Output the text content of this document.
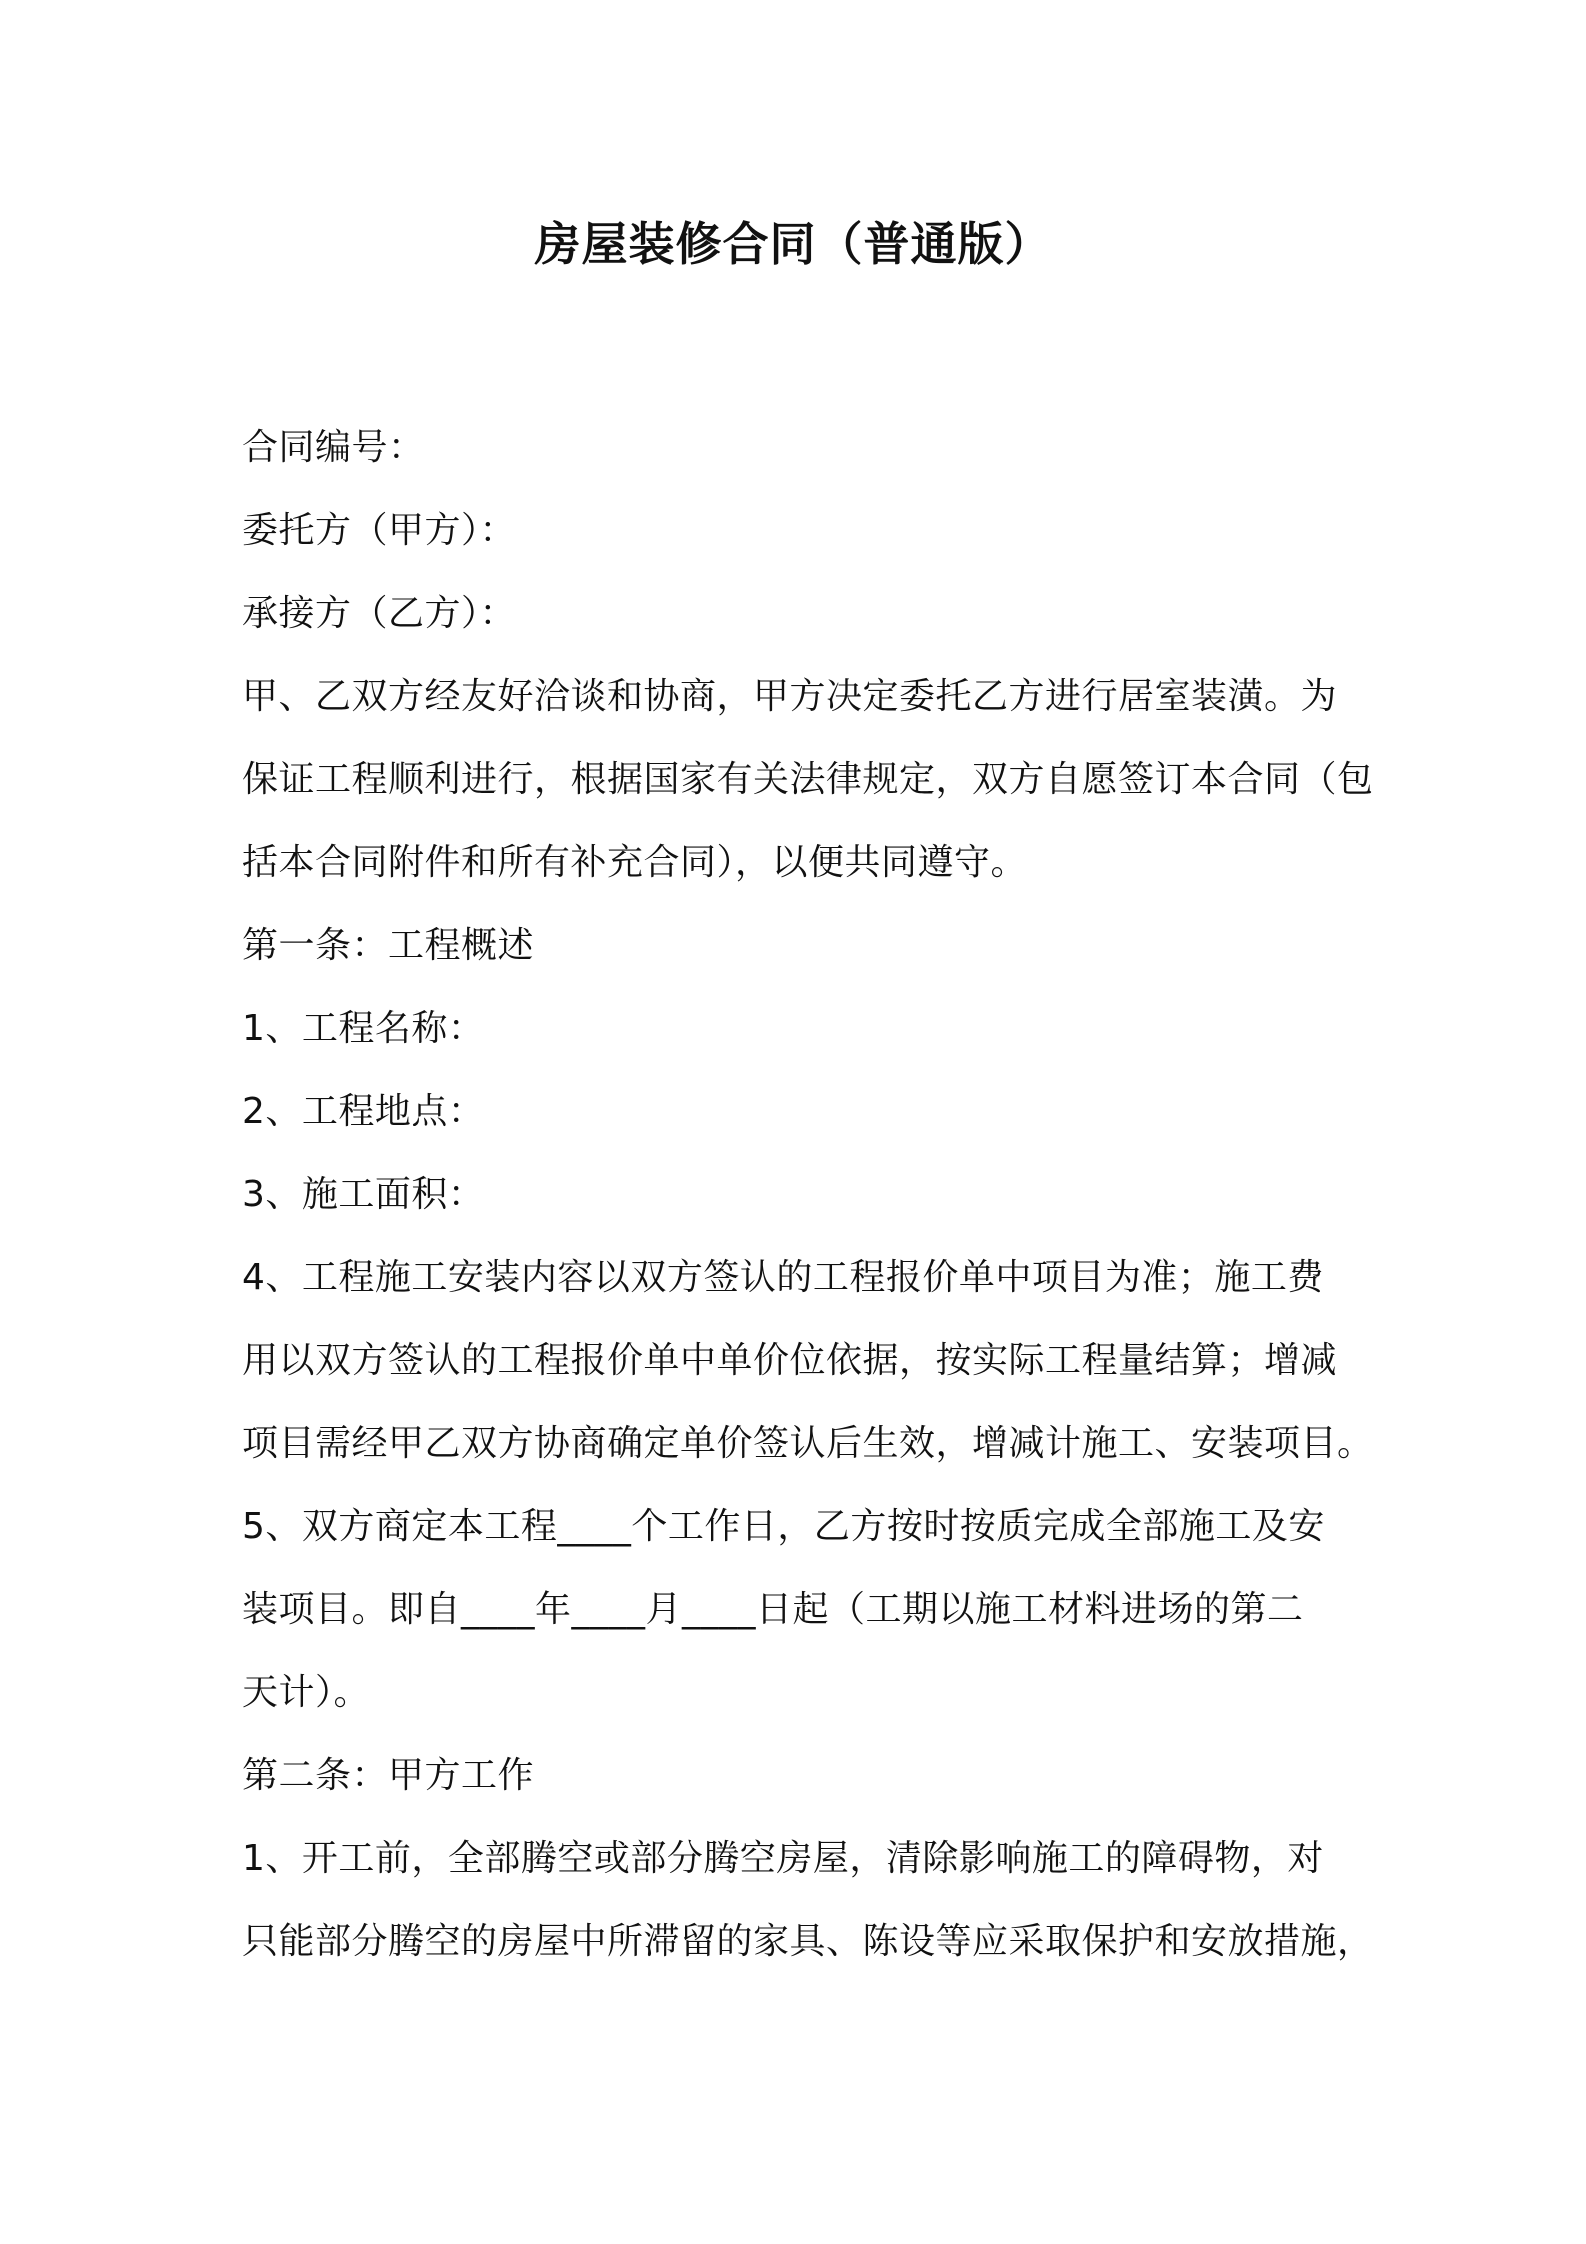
房屋装修合同（普通版）
合同编号：
委托方（甲方）：
承接方（乙方）：
甲、乙双方经友好洽谈和协商，甲方决定委托乙方进行居室装潢。为
保证工程顺利进行，根据国家有关法律规定，双方自愿签订本合同（包
括本合同附件和所有补充合同），以便共同遵守。
第一条：工程概述
1、工程名称：
2、工程地点：
3、施工面积：
4、工程施工安装内容以双方签认的工程报价单中项目为准；施工费
用以双方签认的工程报价单中单价位依据，按实际工程量结算；增减
项目需经甲乙双方协商确定单价签认后生效，增减计施工、安装项目。
5、双方商定本工程____个工作日，乙方按时按质完成全部施工及安
装项目。即自____年____月____日起（工期以施工材料进场的第二
天计）。
第二条：甲方工作
1、开工前，全部腾空或部分腾空房屋，清除影响施工的障碍物，对
只能部分腾空的房屋中所滞留的家具、陈设等应采取保护和安放措施，
